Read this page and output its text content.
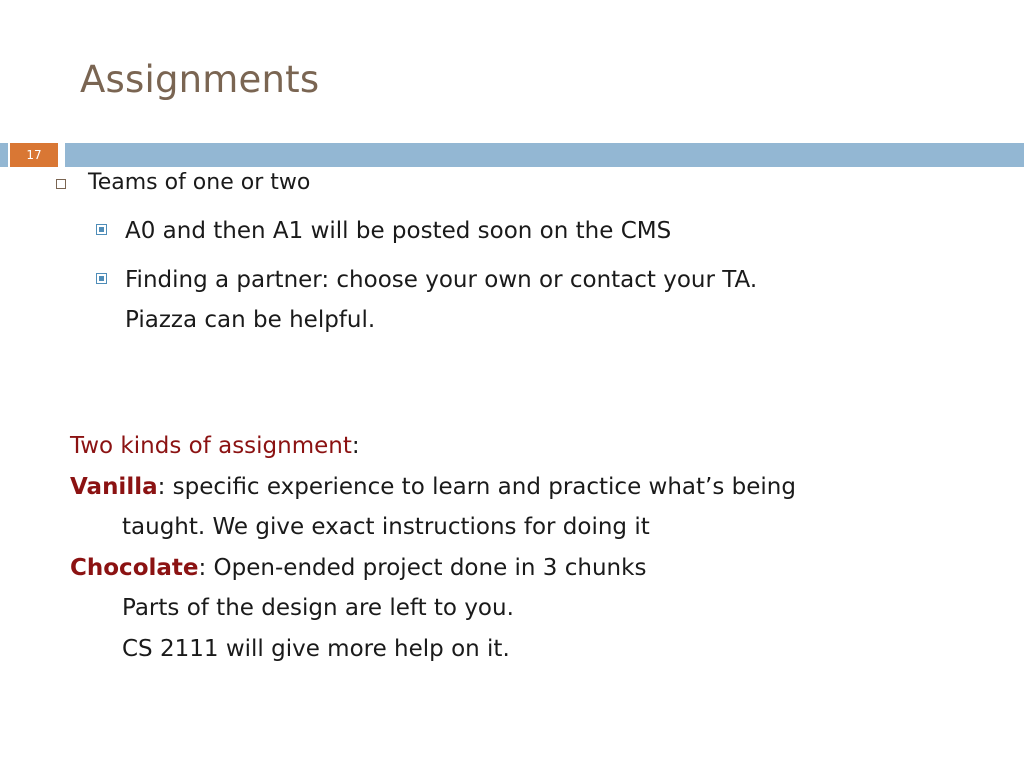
Assignments
17
Teams of one or two
A0 and then A1 will be posted soon on the CMS
Finding a partner: choose your own or contact your TA.
Piazza can be helpful.
Two kinds of assignment:
Vanilla: specific experience to learn and practice what’s being
taught. We give exact instructions for doing it
Chocolate: Open-ended project done in 3 chunks
Parts of the design are left to you.
CS 2111 will give more help on it.
